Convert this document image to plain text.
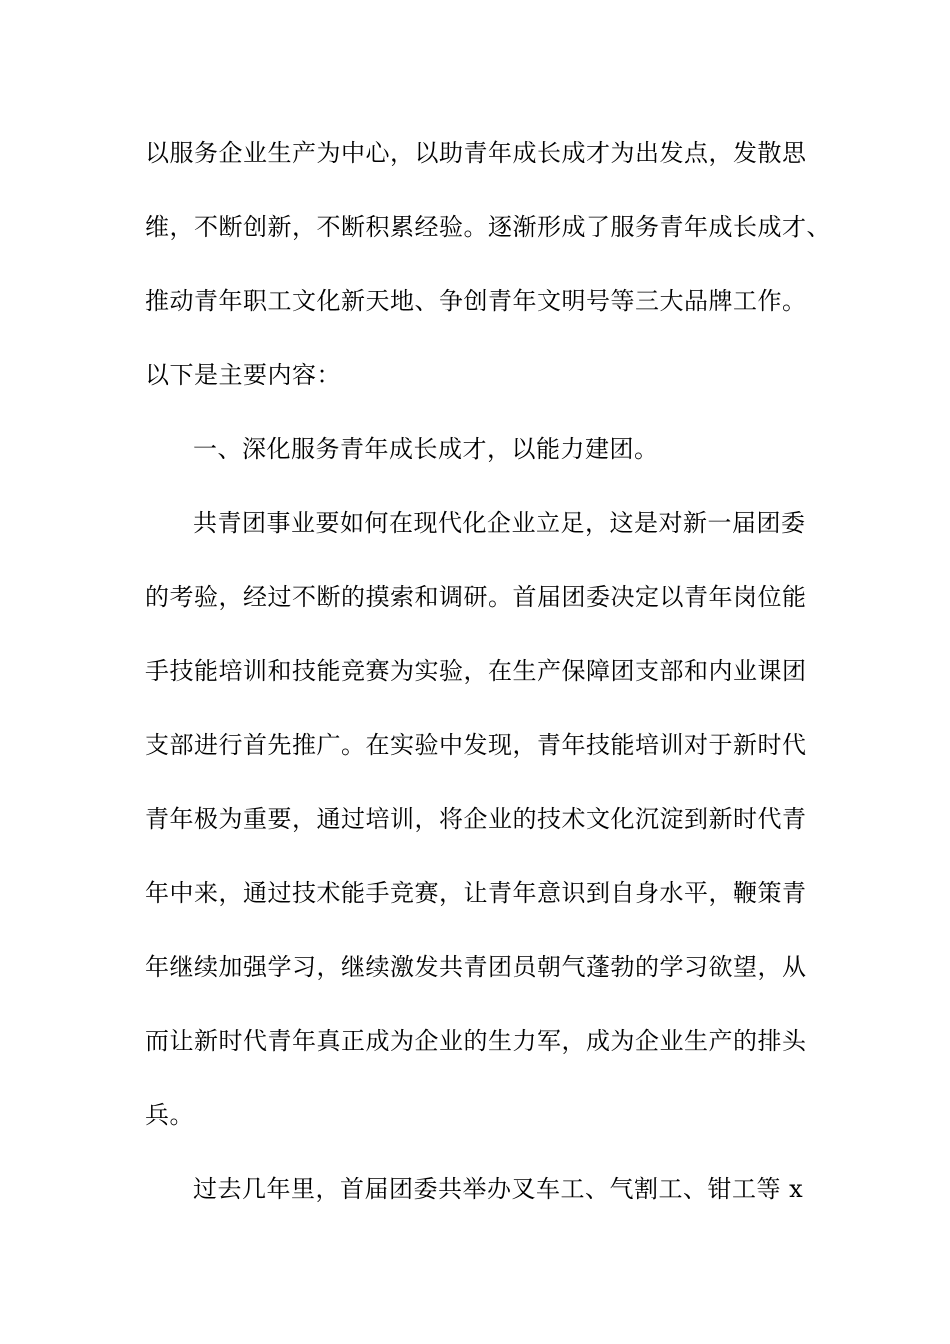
以服务企业生产为中心，以助青年成长成才为出发点，发散思
维，不断创新，不断积累经验。逐渐形成了服务青年成长成才、
推动青年职工文化新天地、争创青年文明号等三大品牌工作。
以下是主要内容：
一、深化服务青年成长成才，以能力建团。
共青团事业要如何在现代化企业立足，这是对新一届团委
的考验，经过不断的摸索和调研。首届团委决定以青年岗位能
手技能培训和技能竞赛为实验，在生产保障团支部和内业课团
支部进行首先推广。在实验中发现，青年技能培训对于新时代
青年极为重要，通过培训，将企业的技术文化沉淀到新时代青
年中来，通过技术能手竞赛，让青年意识到自身水平，鞭策青
年继续加强学习，继续激发共青团员朝气蓬勃的学习欲望，从
而让新时代青年真正成为企业的生力军，成为企业生产的排头
兵。
过去几年里，首届团委共举办叉车工、气割工、钳工等 x
